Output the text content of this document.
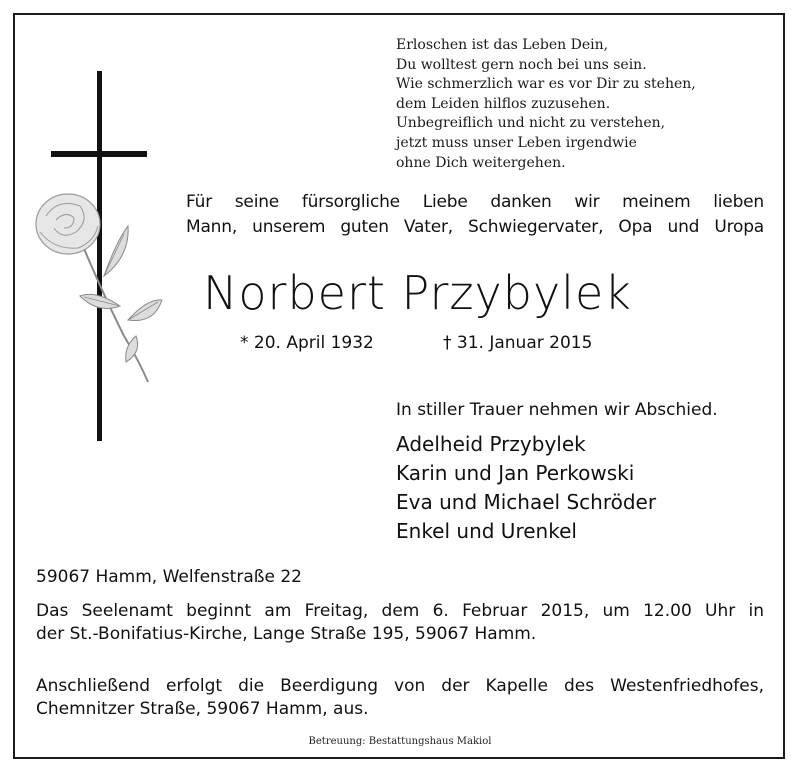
Erloschen ist das Leben Dein,
Du wolltest gern noch bei uns sein.
Wie schmerzlich war es vor Dir zu stehen,
dem Leiden hilflos zuzusehen.
Unbegreiflich und nicht zu verstehen,
jetzt muss unser Leben irgendwie
ohne Dich weitergehen.
Für seine fürsorgliche Liebe danken wir meinem lieben
Mann, unserem guten Vater, Schwiegervater, Opa und Uropa
Norbert Przybylek
* 20. April 1932	† 31. Januar 2015
In stiller Trauer nehmen wir Abschied.
Adelheid Przybylek
Karin und Jan Perkowski
Eva und Michael Schröder
Enkel und Urenkel
59067 Hamm, Welfenstraße 22
Das Seelenamt beginnt am Freitag, dem 6. Februar 2015, um 12.00 Uhr in
der St.-Bonifatius-Kirche, Lange Straße 195, 59067 Hamm.
Anschließend erfolgt die Beerdigung von der Kapelle des Westenfriedhofes,
Chemnitzer Straße, 59067 Hamm, aus.
Betreuung: Bestattungshaus Makiol
